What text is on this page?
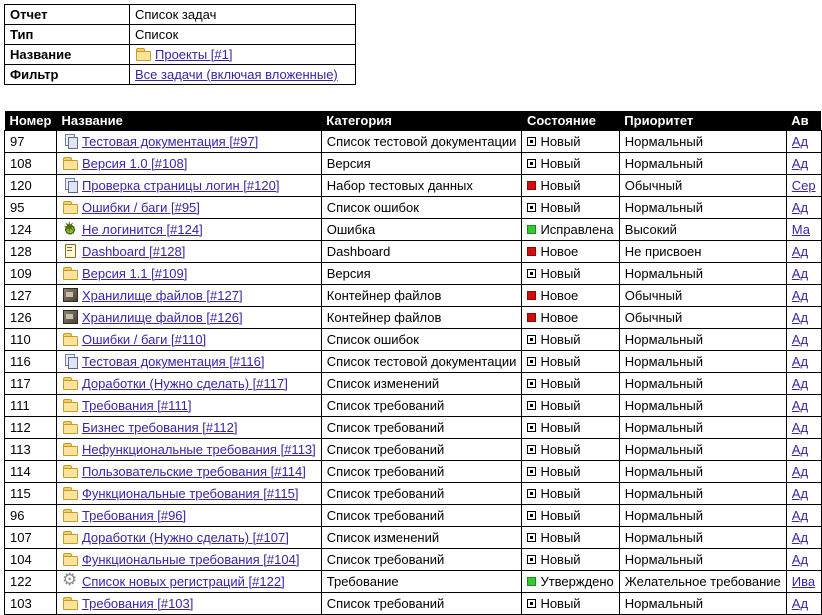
Отчет	Список задач
Тип	Список
Название	Проекты [#1]
Фильтр	Все задачи (включая вложенные)
Номер	Название	Категория	Состояние	Приоритет	Ав
97	Тестовая документация [#97]	Список тестовой документации	Новый	Нормальный	Ад
108	Версия 1.0 [#108]	Версия	Новый	Нормальный	Ад
120	Проверка страницы логин [#120]	Набор тестовых данных	Новый	Обычный	Сер
95	Ошибки / баги [#95]	Список ошибок	Новый	Нормальный	Ад
124	✷Не логинится [#124]	Ошибка	Исправлена	Высокий	Ма
128	Dashboard [#128]	Dashboard	Новое	Не присвоен	Ад
109	Версия 1.1 [#109]	Версия	Новый	Нормальный	Ад
127	Хранилище файлов [#127]	Контейнер файлов	Новое	Обычный	Ад
126	Хранилище файлов [#126]	Контейнер файлов	Новое	Обычный	Ад
110	Ошибки / баги [#110]	Список ошибок	Новый	Нормальный	Ад
116	Тестовая документация [#116]	Список тестовой документации	Новый	Нормальный	Ад
117	Доработки (Нужно сделать) [#117]	Список изменений	Новый	Нормальный	Ад
111	Требования [#111]	Список требований	Новый	Нормальный	Ад
112	Бизнес требования [#112]	Список требований	Новый	Нормальный	Ад
113	Нефункциональные требования [#113]	Список требований	Новый	Нормальный	Ад
114	Пользовательские требования [#114]	Список требований	Новый	Нормальный	Ад
115	Функциональные требования [#115]	Список требований	Новый	Нормальный	Ад
96	Требования [#96]	Список требований	Новый	Нормальный	Ад
107	Доработки (Нужно сделать) [#107]	Список изменений	Новый	Нормальный	Ад
104	Функциональные требования [#104]	Список требований	Новый	Нормальный	Ад
122	⚙Список новых регистраций [#122]	Требование	Утверждено	Желательное требование	Ива
103	Требования [#103]	Список требований	Новый	Нормальный	Ад
